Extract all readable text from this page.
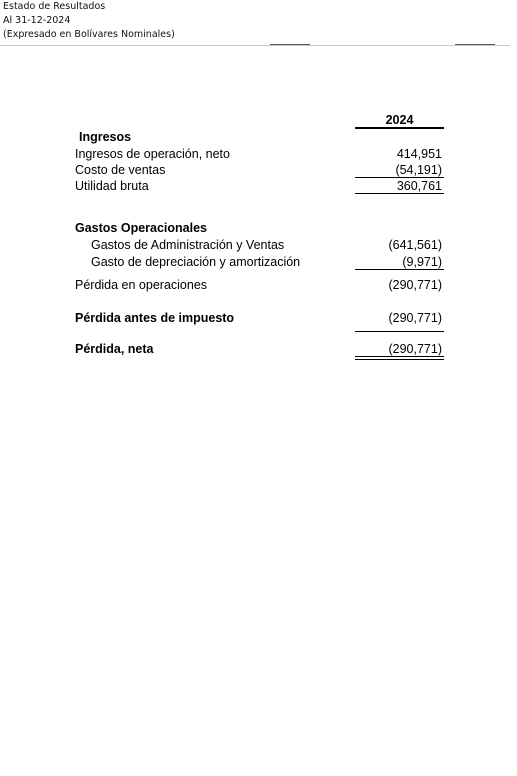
Estado de Resultados
Al 31-12-2024
(Expresado en Bolívares Nominales)
2024
Ingresos
Ingresos de operación, neto	414,951
Costo de ventas	(54,191)
Utilidad bruta	360,761
Gastos Operacionales
Gastos de Administración y Ventas	(641,561)
Gasto de depreciación y amortización	(9,971)
Pérdida en operaciones	(290,771)
Pérdida antes de impuesto	(290,771)
Pérdida, neta	(290,771)
